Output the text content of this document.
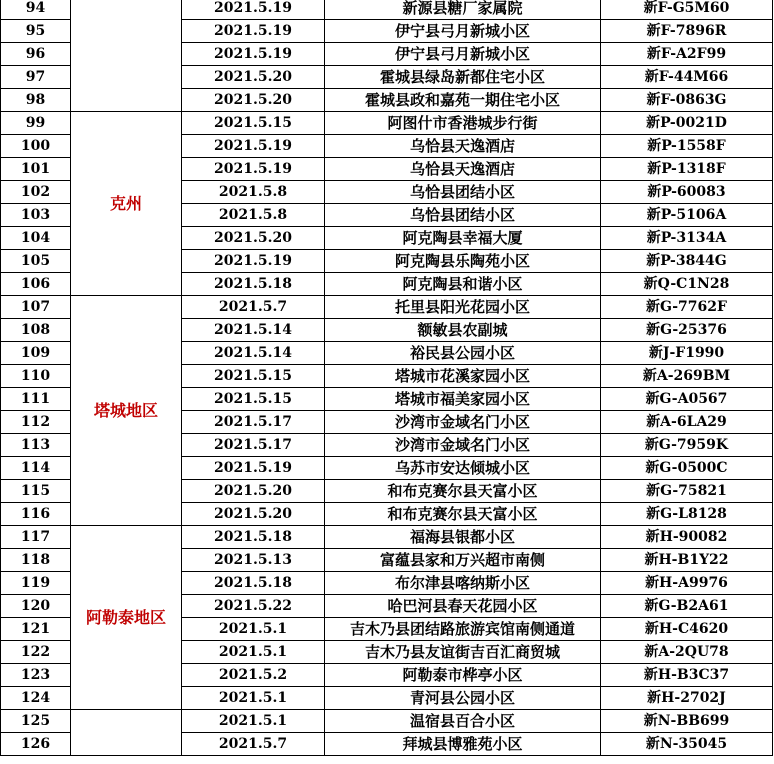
94		2021.5.19	新源县糖厂家属院	新F-G5M60
95		2021.5.19	伊宁县弓月新城小区	新F-7896R
96		2021.5.19	伊宁县弓月新城小区	新F-A2F99
97		2021.5.20	霍城县绿岛新都住宅小区	新F-44M66
98		2021.5.20	霍城县政和嘉苑一期住宅小区	新F-0863G
99	克州	2021.5.15	阿图什市香港城步行街	新P-0021D
100		2021.5.19	乌恰县天逸酒店	新P-1558F
101		2021.5.19	乌恰县天逸酒店	新P-1318F
102		2021.5.8	乌恰县团结小区	新P-60083
103		2021.5.8	乌恰县团结小区	新P-5106A
104		2021.5.20	阿克陶县幸福大厦	新P-3134A
105		2021.5.19	阿克陶县乐陶苑小区	新P-3844G
106		2021.5.18	阿克陶县和谐小区	新Q-C1N28
107	塔城地区	2021.5.7	托里县阳光花园小区	新G-7762F
108		2021.5.14	额敏县农副城	新G-25376
109		2021.5.14	裕民县公园小区	新J-F1990
110		2021.5.15	塔城市花溪家园小区	新A-269BM
111		2021.5.15	塔城市福美家园小区	新G-A0567
112		2021.5.17	沙湾市金域名门小区	新A-6LA29
113		2021.5.17	沙湾市金域名门小区	新G-7959K
114		2021.5.19	乌苏市安达倾城小区	新G-0500C
115		2021.5.20	和布克赛尔县天富小区	新G-75821
116		2021.5.20	和布克赛尔县天富小区	新G-L8128
117	阿勒泰地区	2021.5.18	福海县银都小区	新H-90082
118		2021.5.13	富蕴县家和万兴超市南侧	新H-B1Y22
119		2021.5.18	布尔津县喀纳斯小区	新H-A9976
120		2021.5.22	哈巴河县春天花园小区	新G-B2A61
121		2021.5.1	吉木乃县团结路旅游宾馆南侧通道	新H-C4620
122		2021.5.1	吉木乃县友谊街吉百汇商贸城	新A-2QU78
123		2021.5.2	阿勒泰市桦亭小区	新H-B3C37
124		2021.5.1	青河县公园小区	新H-2702J
125		2021.5.1	温宿县百合小区	新N-BB699
126		2021.5.7	拜城县博雅苑小区	新N-35045
